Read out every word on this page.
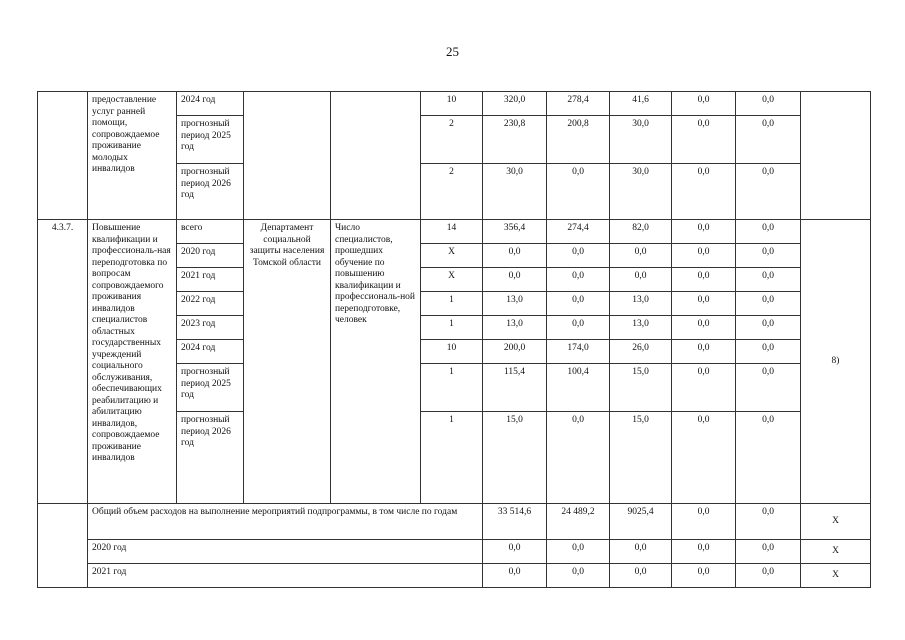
25
	предоставление услуг ранней помощи, сопровождаемое проживание молодых инвалидов	2024 год			10	320,0	278,4	41,6	0,0	0,0	
		прогнозный период 2025 год			2	230,8	200,8	30,0	0,0	0,0	
		прогнозный период 2026 год			2	30,0	0,0	30,0	0,0	0,0	
4.3.7.	Повышение квалификации и профессиональ-ная переподготовка по вопросам сопровождаемого проживания инвалидов специалистов областных государственных учреждений социального обслуживания, обеспечивающих реабилитацию и абилитацию инвалидов, сопровождаемое проживание инвалидов	всего	Департамент социальной защиты населения Томской области	Число специалистов, прошедших обучение по повышению квалификации и профессиональ-ной переподготовке, человек	14	356,4	274,4	82,0	0,0	0,0	8)
		2020 год			X	0,0	0,0	0,0	0,0	0,0	
		2021 год			X	0,0	0,0	0,0	0,0	0,0	
		2022 год			1	13,0	0,0	13,0	0,0	0,0	
		2023 год			1	13,0	0,0	13,0	0,0	0,0	
		2024 год			10	200,0	174,0	26,0	0,0	0,0	
		прогнозный период 2025 год			1	115,4	100,4	15,0	0,0	0,0	
		прогнозный период 2026 год			1	15,0	0,0	15,0	0,0	0,0	
	Общий объем расходов на выполнение мероприятий подпрограммы, в том числе по годам					33 514,6	24 489,2	9025,4	0,0	0,0	X
	2020 год					0,0	0,0	0,0	0,0	0,0	X
	2021 год					0,0	0,0	0,0	0,0	0,0	X
